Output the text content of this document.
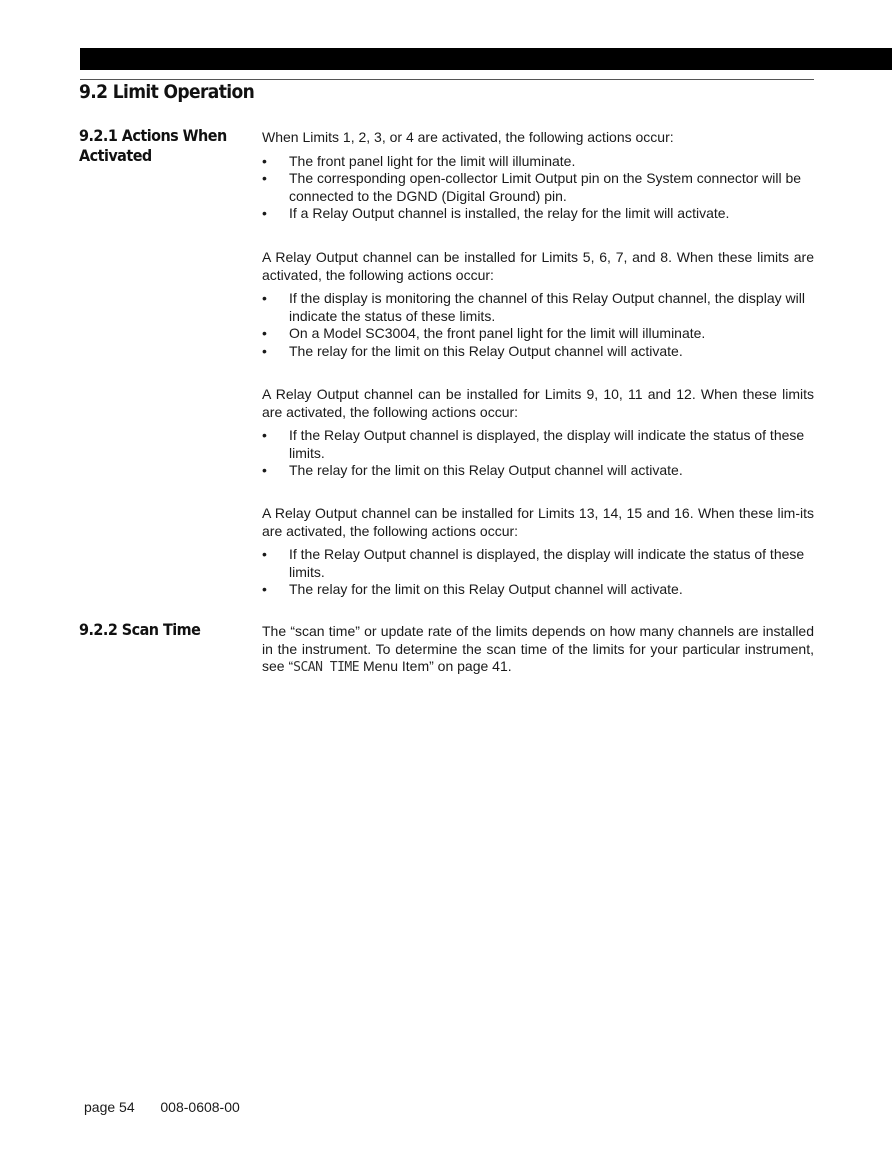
9.2 Limit Operation
9.2.1 Actions When Activated

When Limits 1, 2, 3, or 4 are activated, the following actions occur:

• The front panel light for the limit will illuminate.
• The corresponding open-collector Limit Output pin on the System connector will be connected to the DGND (Digital Ground) pin.
• If a Relay Output channel is installed, the relay for the limit will activate.

A Relay Output channel can be installed for Limits 5, 6, 7, and 8. When these limits are activated, the following actions occur:

• If the display is monitoring the channel of this Relay Output channel, the display will indicate the status of these limits.
• On a Model SC3004, the front panel light for the limit will illuminate.
• The relay for the limit on this Relay Output channel will activate.

A Relay Output channel can be installed for Limits 9, 10, 11 and 12. When these limits are activated, the following actions occur:

• If the Relay Output channel is displayed, the display will indicate the status of these limits.
• The relay for the limit on this Relay Output channel will activate.

A Relay Output channel can be installed for Limits 13, 14, 15 and 16. When these lim-its are activated, the following actions occur:

• If the Relay Output channel is displayed, the display will indicate the status of these limits.
• The relay for the limit on this Relay Output channel will activate.
9.2.2 Scan Time	The “scan time” or update rate of the limits depends on how many channels are installed in the instrument. To determine the scan time of the limits for your particular instrument, see “SCAN TIME Menu Item” on page 41.

page 54 008-0608-00
